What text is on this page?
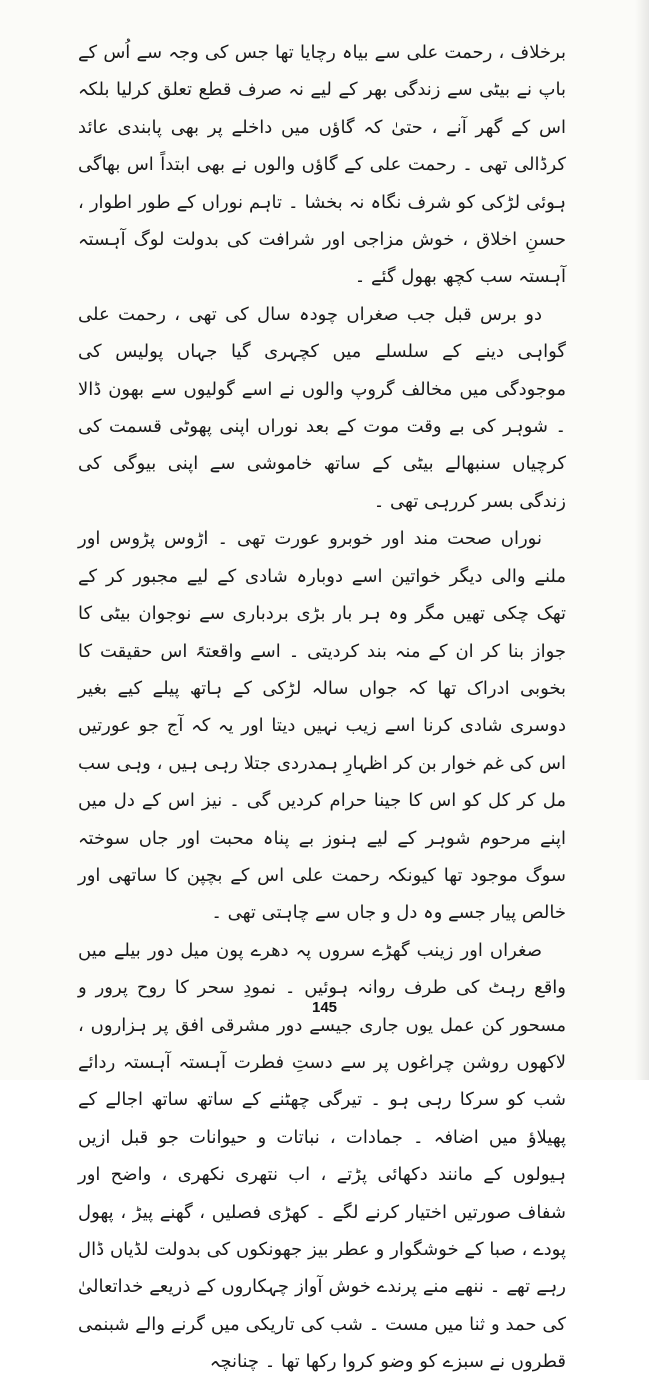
برخلاف ، رحمت علی سے بیاہ رچایا تھا جس کی وجہ سے اُس کے باپ نے بیٹی سے زندگی بھر کے لیے نہ صرف قطع تعلق کرلیا بلکہ اس کے گھر آنے ، حتیٰ کہ گاؤں میں داخلے پر بھی پابندی عائد کرڈالی تھی ۔ رحمت علی کے گاؤں والوں نے بھی ابتداً اس بھاگی ہوئی لڑکی کو شرف نگاہ نہ بخشا ۔ تاہم نوراں کے طور اطوار ، حسنِ اخلاق ، خوش مزاجی اور شرافت کی بدولت لوگ آہستہ آہستہ سب کچھ بھول گئے ۔

دو برس قبل جب صغراں چودہ سال کی تھی ، رحمت علی گواہی دینے کے سلسلے میں کچہری گیا جہاں پولیس کی موجودگی میں مخالف گروپ والوں نے اسے گولیوں سے بھون ڈالا ۔ شوہر کی بے وقت موت کے بعد نوراں اپنی پھوٹی قسمت کی کرچیاں سنبھالے بیٹی کے ساتھ خاموشی سے اپنی بیوگی کی زندگی بسر کررہی تھی ۔

نوراں صحت مند اور خوبرو عورت تھی ۔ اڑوس پڑوس اور ملنے والی دیگر خواتین اسے دوبارہ شادی کے لیے مجبور کر کے تھک چکی تھیں مگر وہ ہر بار بڑی بردباری سے نوجوان بیٹی کا جواز بنا کر ان کے منہ بند کردیتی ۔ اسے واقعتہً اس حقیقت کا بخوبی ادراک تھا کہ جواں سالہ لڑکی کے ہاتھ پیلے کیے بغیر دوسری شادی کرنا اسے زیب نہیں دیتا اور یہ کہ آج جو عورتیں اس کی غم خوار بن کر اظہارِ ہمدردی جتلا رہی ہیں ، وہی سب مل کر کل کو اس کا جینا حرام کردیں گی ۔ نیز اس کے دل میں اپنے مرحوم شوہر کے لیے ہنوز بے پناہ محبت اور جاں سوختہ سوگ موجود تھا کیونکہ رحمت علی اس کے بچپن کا ساتھی اور خالص پیار جسے وہ دل و جاں سے چاہتی تھی ۔

صغراں اور زینب گھڑے سروں پہ دھرے پون میل دور بیلے میں واقع رہٹ کی طرف روانہ ہوئیں ۔ نمودِ سحر کا روح پرور و مسحور کن عمل یوں جاری جیسے دور مشرقی افق پر ہزاروں ، لاکھوں روشن چراغوں پر سے دستِ فطرت آہستہ آہستہ ردائے شب کو سرکا رہی ہو ۔ تیرگی چھٹنے کے ساتھ ساتھ اجالے کے پھیلاؤ میں اضافہ ۔ جمادات ، نباتات و حیوانات جو قبل ازیں ہیولوں کے مانند دکھائی پڑتے ، اب نتھری نکھری ، واضح اور شفاف صورتیں اختیار کرنے لگے ۔ کھڑی فصلیں ، گھنے پیڑ ، پھول پودے ، صبا کے خوشگوار و عطر بیز جھونکوں کی بدولت لڈیاں ڈال رہے تھے ۔ ننھے منے پرندے خوش آواز چہکاروں کے ذریعے خداتعالیٰ کی حمد و ثنا میں مست ۔ شب کی تاریکی میں گرنے والے شبنمی قطروں نے سبزے کو وضو کروا رکھا تھا ۔ چنانچہ

145
